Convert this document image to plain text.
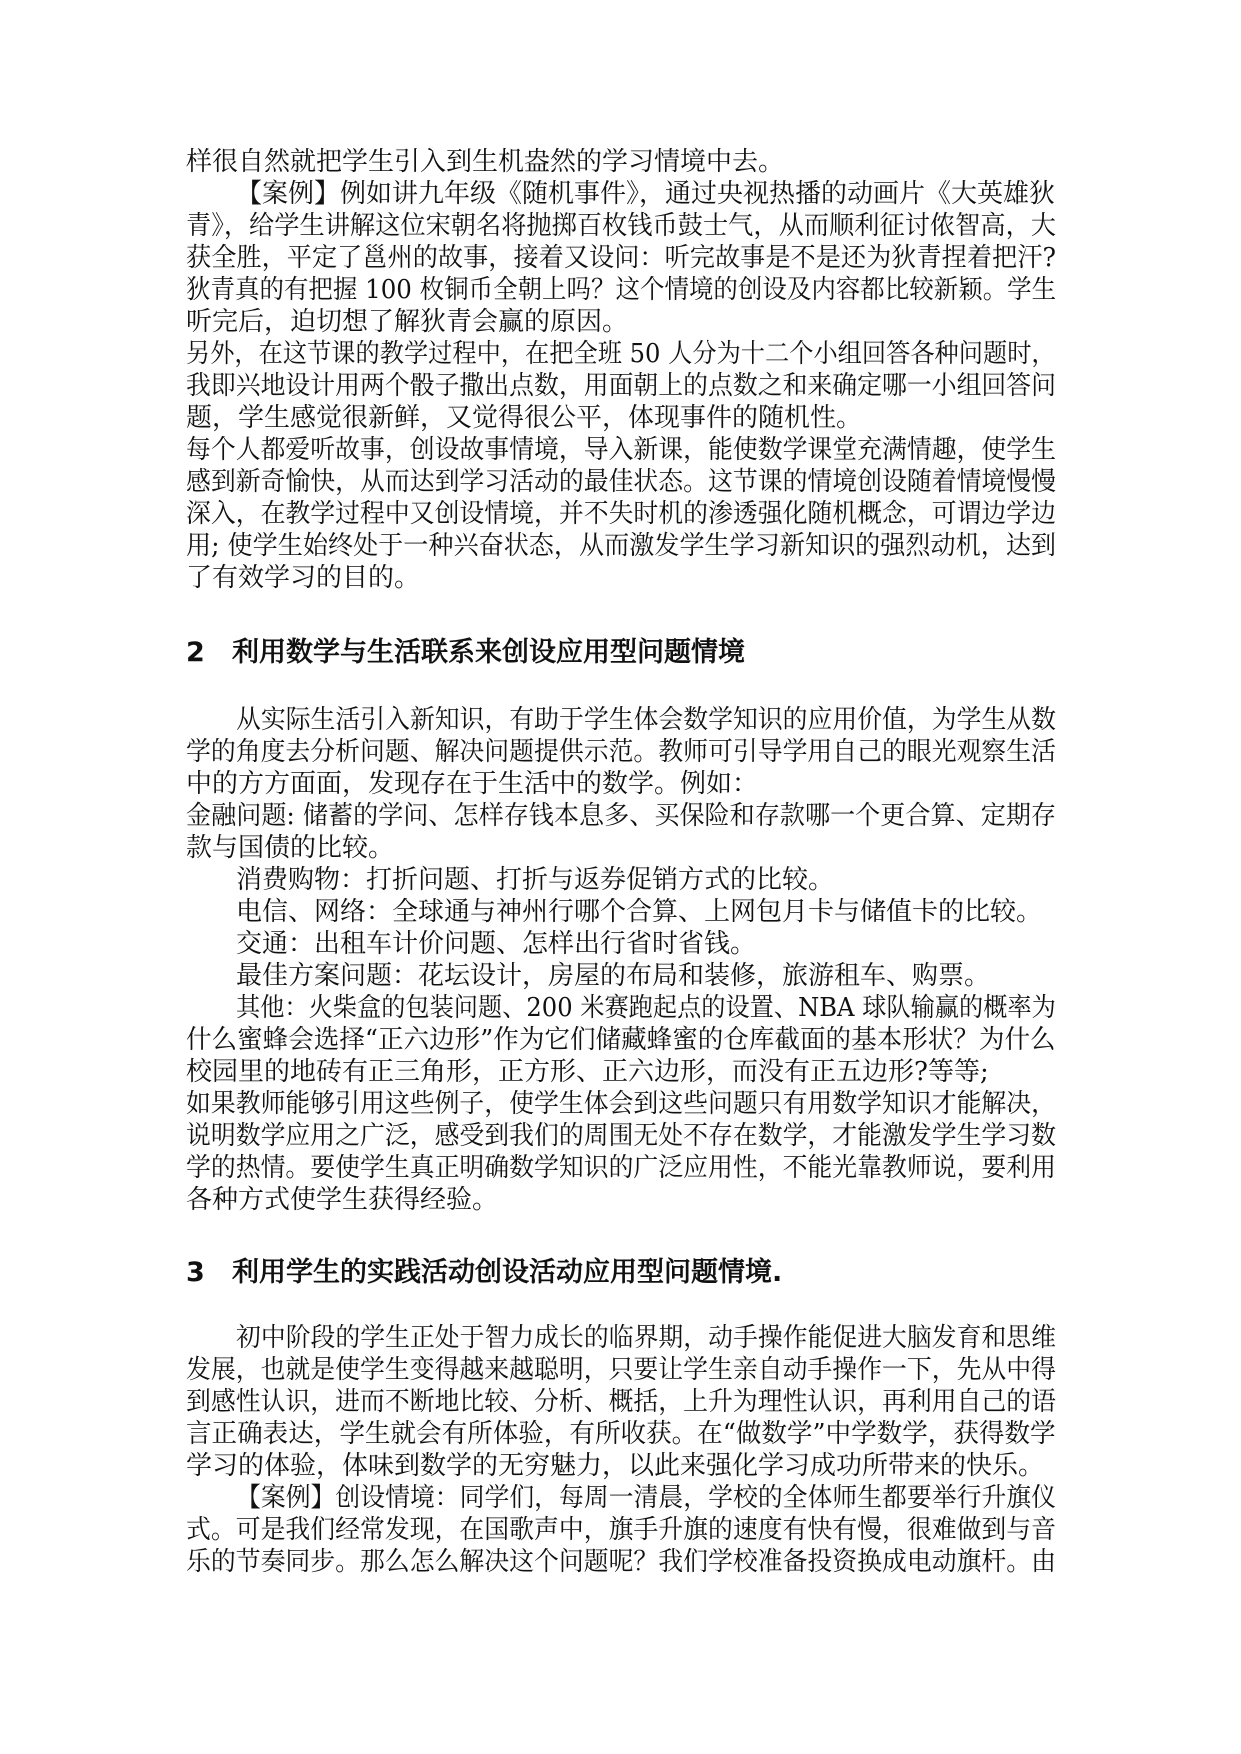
样很自然就把学生引入到生机盎然的学习情境中去。
【案例】例如讲九年级《随机事件》，通过央视热播的动画片《大英雄狄
青》，给学生讲解这位宋朝名将抛掷百枚钱币鼓士气，从而顺利征讨侬智高，大
获全胜，平定了邕州的故事，接着又设问：听完故事是不是还为狄青捏着把汗?
狄青真的有把握 100 枚铜币全朝上吗？这个情境的创设及内容都比较新颖。学生
听完后，迫切想了解狄青会赢的原因。
另外，在这节课的教学过程中，在把全班 50 人分为十二个小组回答各种问题时，
我即兴地设计用两个骰子撒出点数，用面朝上的点数之和来确定哪一小组回答问
题，学生感觉很新鲜，又觉得很公平，体现事件的随机性。
每个人都爱听故事，创设故事情境，导入新课，能使数学课堂充满情趣，使学生
感到新奇愉快，从而达到学习活动的最佳状态。这节课的情境创设随着情境慢慢
深入，在教学过程中又创设情境，并不失时机的渗透强化随机概念，可谓边学边
用; 使学生始终处于一种兴奋状态，从而激发学生学习新知识的强烈动机，达到
了有效学习的目的。
2 利用数学与生活联系来创设应用型问题情境
从实际生活引入新知识，有助于学生体会数学知识的应用价值，为学生从数
学的角度去分析问题、解决问题提供示范。教师可引导学用自己的眼光观察生活
中的方方面面，发现存在于生活中的数学。例如：
金融问题: 储蓄的学问、怎样存钱本息多、买保险和存款哪一个更合算、定期存
款与国债的比较。
消费购物：打折问题、打折与返券促销方式的比较。
电信、网络：全球通与神州行哪个合算、上网包月卡与储值卡的比较。
交通：出租车计价问题、怎样出行省时省钱。
最佳方案问题：花坛设计，房屋的布局和装修，旅游租车、购票。
其他：火柴盒的包装问题、200 米赛跑起点的设置、NBA 球队输赢的概率为
什么蜜蜂会选择“正六边形”作为它们储藏蜂蜜的仓库截面的基本形状？为什么
校园里的地砖有正三角形，正方形、正六边形，而没有正五边形?等等;
如果教师能够引用这些例子，使学生体会到这些问题只有用数学知识才能解决，
说明数学应用之广泛，感受到我们的周围无处不存在数学，才能激发学生学习数
学的热情。要使学生真正明确数学知识的广泛应用性，不能光靠教师说，要利用
各种方式使学生获得经验。
3 利用学生的实践活动创设活动应用型问题情境.
初中阶段的学生正处于智力成长的临界期，动手操作能促进大脑发育和思维
发展，也就是使学生变得越来越聪明，只要让学生亲自动手操作一下，先从中得
到感性认识，进而不断地比较、分析、概括，上升为理性认识，再利用自己的语
言正确表达，学生就会有所体验，有所收获。在“做数学”中学数学，获得数学
学习的体验，体味到数学的无穷魅力，以此来强化学习成功所带来的快乐。
【案例】创设情境：同学们，每周一清晨，学校的全体师生都要举行升旗仪
式。可是我们经常发现，在国歌声中，旗手升旗的速度有快有慢，很难做到与音
乐的节奏同步。那么怎么解决这个问题呢？我们学校准备投资换成电动旗杆。由
